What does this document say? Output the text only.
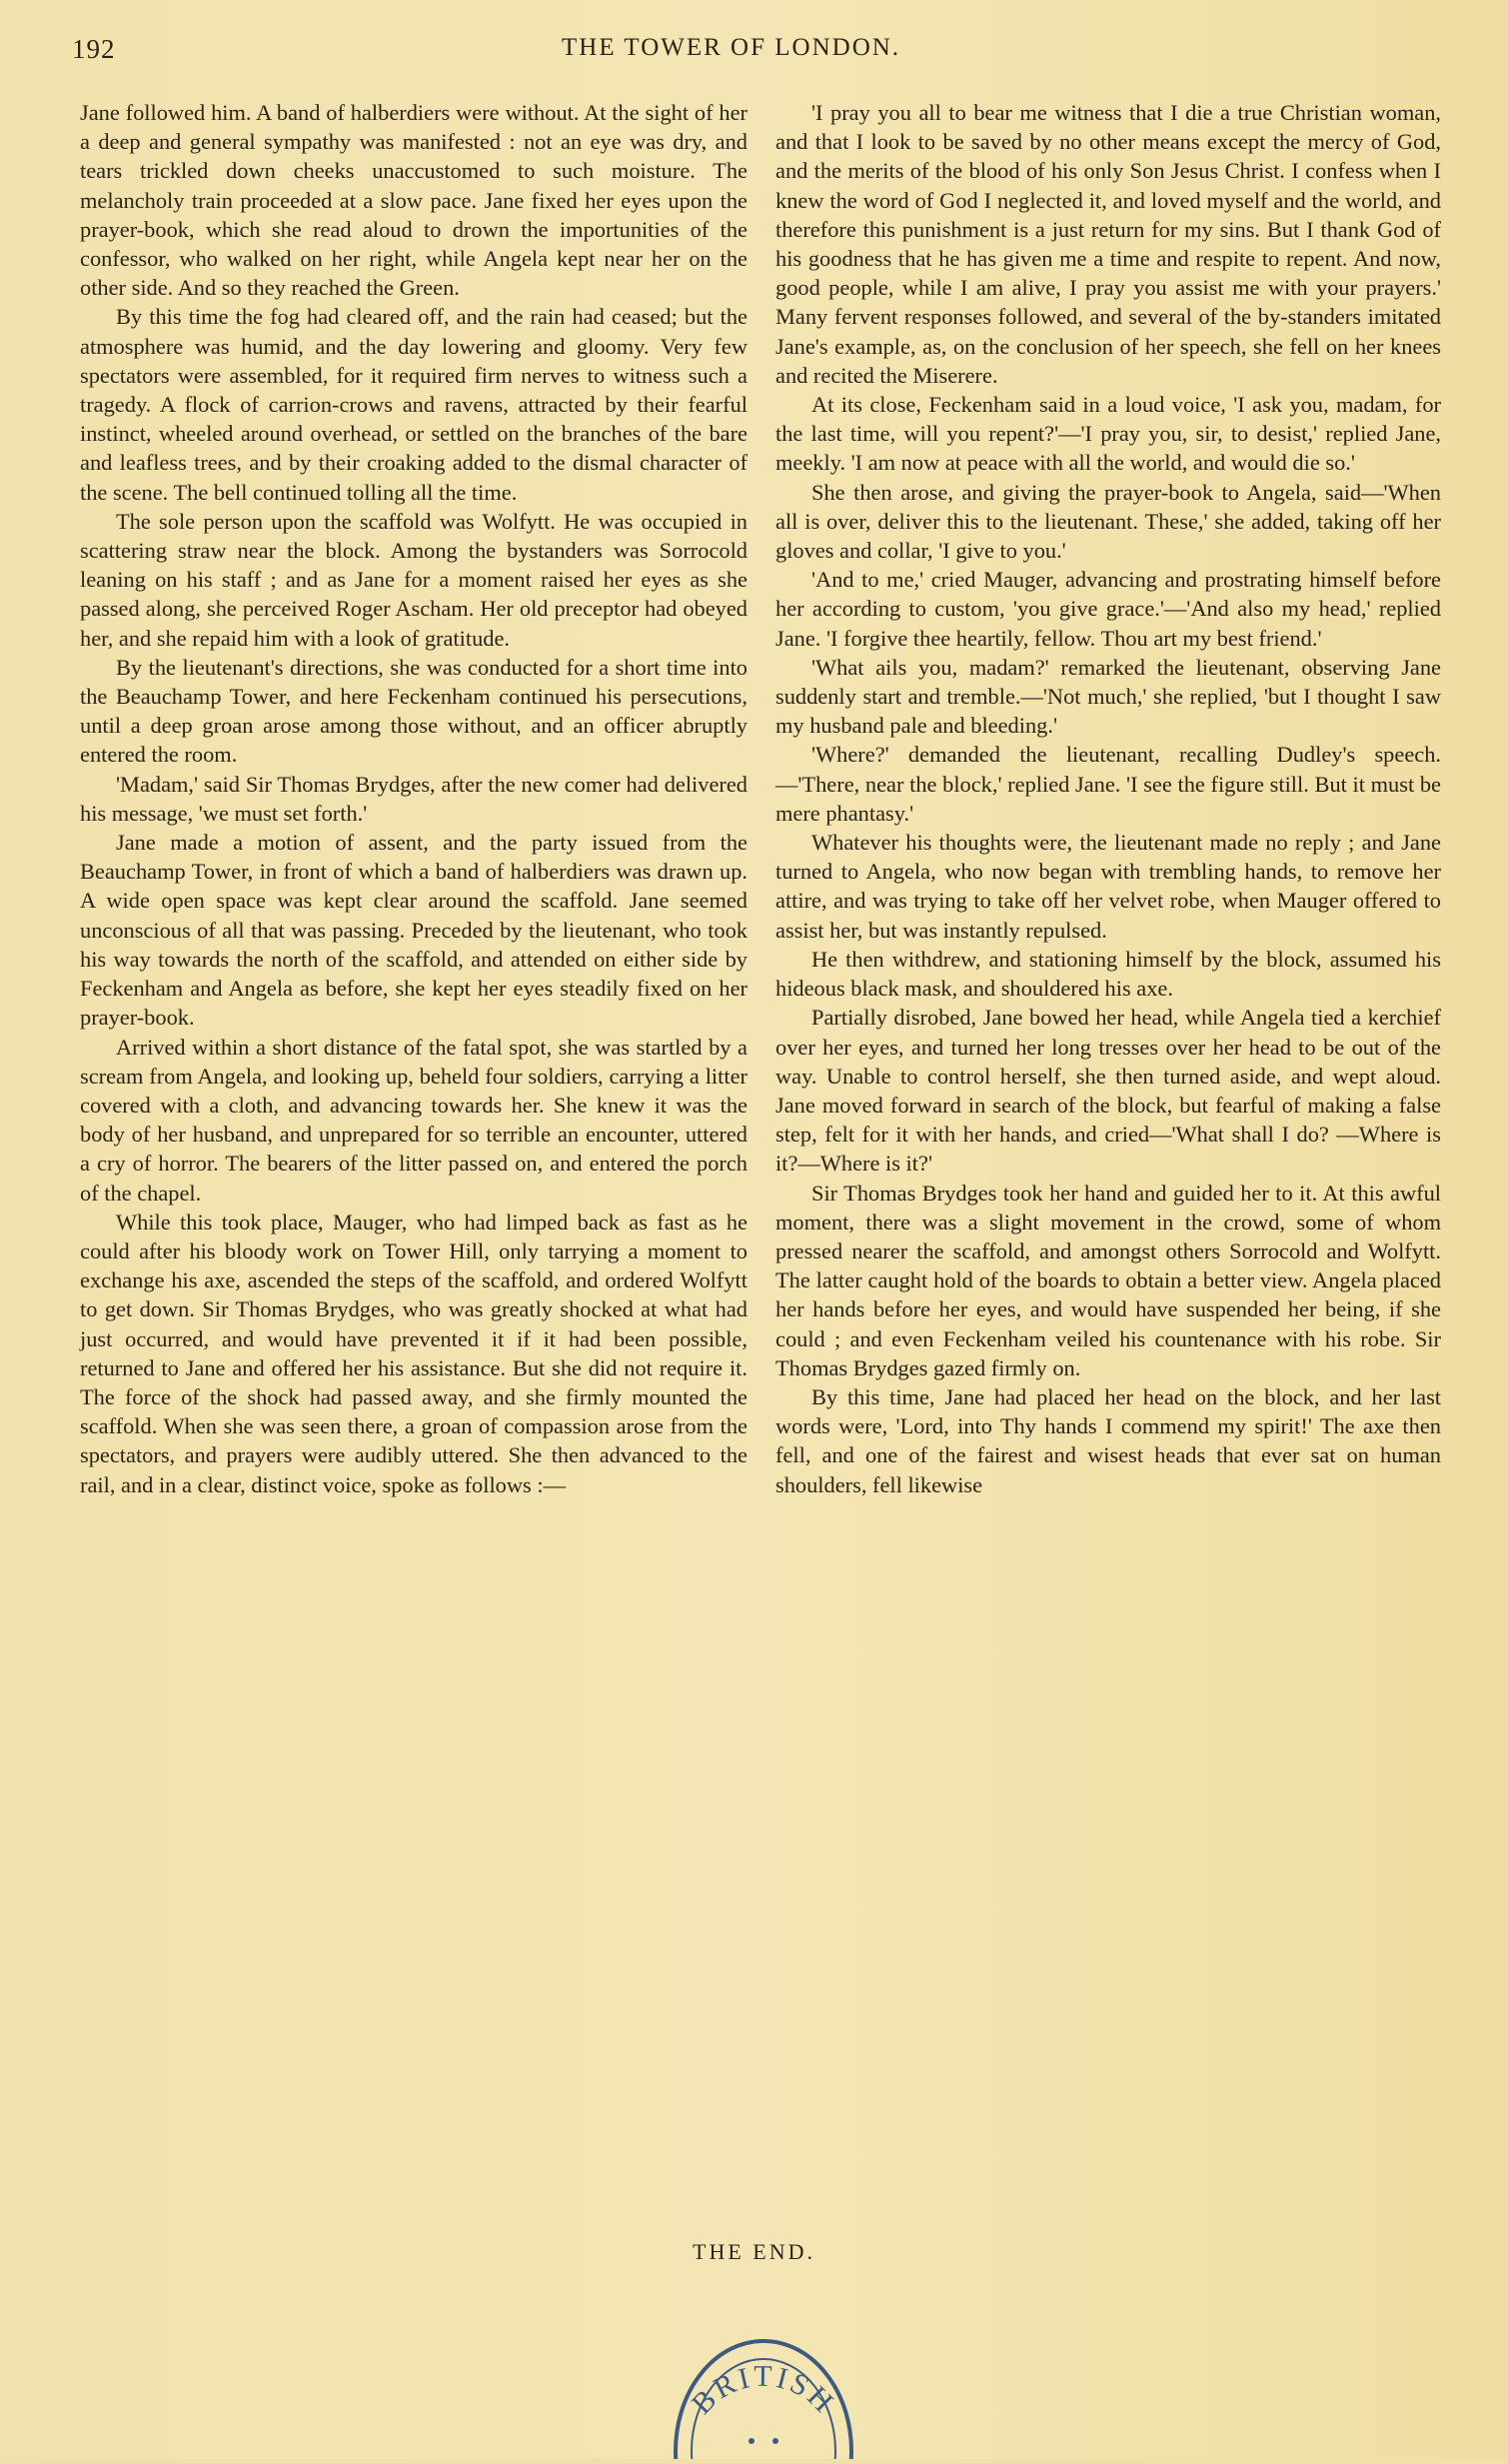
192	THE TOWER OF LONDON.

Jane followed him. A band of halberdiers were without. At the sight of her a deep and general sympathy was manifested : not an eye was dry, and tears trickled down cheeks unaccustomed to such moisture. The melancholy train proceeded at a slow pace. Jane fixed her eyes upon the prayer-book, which she read aloud to drown the importunities of the confessor, who walked on her right, while Angela kept near her on the other side. And so they reached the Green.

By this time the fog had cleared off, and the rain had ceased; but the atmosphere was humid, and the day lowering and gloomy. Very few spectators were assembled, for it required firm nerves to witness such a tragedy. A flock of carrion-crows and ravens, attracted by their fearful instinct, wheeled around overhead, or settled on the branches of the bare and leafless trees, and by their croaking added to the dismal character of the scene. The bell continued tolling all the time.

The sole person upon the scaffold was Wolfytt. He was occupied in scattering straw near the block. Among the bystanders was Sorrocold leaning on his staff ; and as Jane for a moment raised her eyes as she passed along, she perceived Roger Ascham. Her old preceptor had obeyed her, and she repaid him with a look of gratitude.

By the lieutenant's directions, she was conducted for a short time into the Beauchamp Tower, and here Feckenham continued his persecutions, until a deep groan arose among those without, and an officer abruptly entered the room.

'Madam,' said Sir Thomas Brydges, after the new comer had delivered his message, 'we must set forth.'

Jane made a motion of assent, and the party issued from the Beauchamp Tower, in front of which a band of halberdiers was drawn up. A wide open space was kept clear around the scaffold. Jane seemed unconscious of all that was passing. Preceded by the lieutenant, who took his way towards the north of the scaffold, and attended on either side by Feckenham and Angela as before, she kept her eyes steadily fixed on her prayer-book.

Arrived within a short distance of the fatal spot, she was startled by a scream from Angela, and looking up, beheld four soldiers, carrying a litter covered with a cloth, and advancing towards her. She knew it was the body of her husband, and unprepared for so terrible an encounter, uttered a cry of horror. The bearers of the litter passed on, and entered the porch of the chapel.

While this took place, Mauger, who had limped back as fast as he could after his bloody work on Tower Hill, only tarrying a moment to exchange his axe, ascended the steps of the scaffold, and ordered Wolfytt to get down. Sir Thomas Brydges, who was greatly shocked at what had just occurred, and would have prevented it if it had been possible, returned to Jane and offered her his assistance. But she did not require it. The force of the shock had passed away, and she firmly mounted the scaffold. When she was seen there, a groan of compassion arose from the spectators, and prayers were audibly uttered. She then advanced to the rail, and in a clear, distinct voice, spoke as follows :—

'I pray you all to bear me witness that I die a true Christian woman, and that I look to be saved by no other means except the mercy of God, and the merits of the blood of his only Son Jesus Christ. I confess when I knew the word of God I neglected it, and loved myself and the world, and therefore this punishment is a just return for my sins. But I thank God of his goodness that he has given me a time and respite to repent. And now, good people, while I am alive, I pray you assist me with your prayers.' Many fervent responses followed, and several of the by-standers imitated Jane's example, as, on the conclusion of her speech, she fell on her knees and recited the Miserere.

At its close, Feckenham said in a loud voice, 'I ask you, madam, for the last time, will you repent?'—'I pray you, sir, to desist,' replied Jane, meekly. 'I am now at peace with all the world, and would die so.'

She then arose, and giving the prayer-book to Angela, said—'When all is over, deliver this to the lieutenant. These,' she added, taking off her gloves and collar, 'I give to you.'

'And to me,' cried Mauger, advancing and prostrating himself before her according to custom, 'you give grace.'—'And also my head,' replied Jane. 'I forgive thee heartily, fellow. Thou art my best friend.'

'What ails you, madam?' remarked the lieutenant, observing Jane suddenly start and tremble.—'Not much,' she replied, 'but I thought I saw my husband pale and bleeding.'

'Where?' demanded the lieutenant, recalling Dudley's speech. —'There, near the block,' replied Jane. 'I see the figure still. But it must be mere phantasy.'

Whatever his thoughts were, the lieutenant made no reply ; and Jane turned to Angela, who now began with trembling hands, to remove her attire, and was trying to take off her velvet robe, when Mauger offered to assist her, but was instantly repulsed.

He then withdrew, and stationing himself by the block, assumed his hideous black mask, and shouldered his axe.

Partially disrobed, Jane bowed her head, while Angela tied a kerchief over her eyes, and turned her long tresses over her head to be out of the way. Unable to control herself, she then turned aside, and wept aloud. Jane moved forward in search of the block, but fearful of making a false step, felt for it with her hands, and cried—'What shall I do? —Where is it?—Where is it?'

Sir Thomas Brydges took her hand and guided her to it. At this awful moment, there was a slight movement in the crowd, some of whom pressed nearer the scaffold, and amongst others Sorrocold and Wolfytt. The latter caught hold of the boards to obtain a better view. Angela placed her hands before her eyes, and would have suspended her being, if she could ; and even Feckenham veiled his countenance with his robe. Sir Thomas Brydges gazed firmly on.

By this time, Jane had placed her head on the block, and her last words were, 'Lord, into Thy hands I commend my spirit!' The axe then fell, and one of the fairest and wisest heads that ever sat on human shoulders, fell likewise

THE END.
BRITISH
